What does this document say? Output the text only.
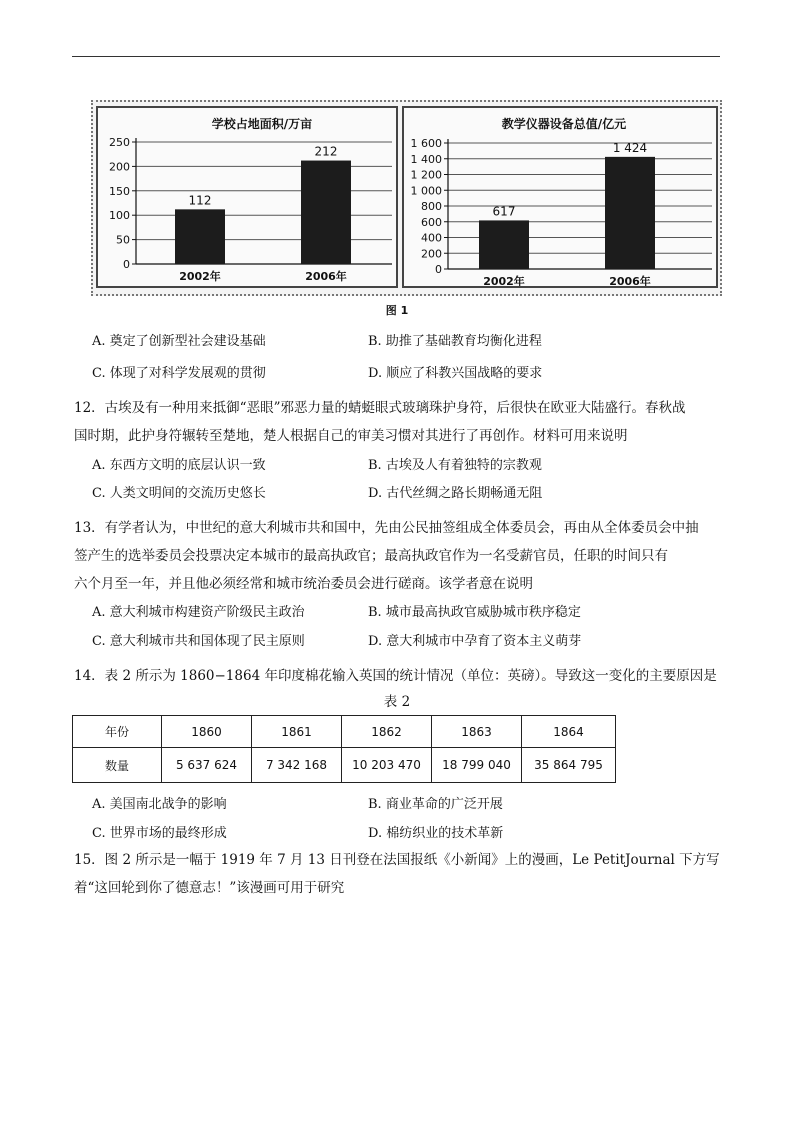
学校占地面积/万亩
0
50
100
150
200
250
112
2002年
212
2006年
教学仪器设备总值/亿元
0
200
400
600
800
1 000
1 200
1 400
1 600
617
2002年
1 424
2006年
图 1
A. 奠定了创新型社会建设基础	B. 助推了基础教育均衡化进程
C. 体现了对科学发展观的贯彻	D. 顺应了科教兴国战略的要求
12．古埃及有一种用来抵御“恶眼”邪恶力量的蜻蜓眼式玻璃珠护身符，后很快在欧亚大陆盛行。春秋战
国时期，此护身符辗转至楚地，楚人根据自己的审美习惯对其进行了再创作。材料可用来说明
A. 东西方文明的底层认识一致	B. 古埃及人有着独特的宗教观
C. 人类文明间的交流历史悠长	D. 古代丝绸之路长期畅通无阻
13．有学者认为，中世纪的意大利城市共和国中，先由公民抽签组成全体委员会，再由从全体委员会中抽
签产生的选举委员会投票决定本城市的最高执政官；最高执政官作为一名受薪官员，任职的时间只有
六个月至一年，并且他必须经常和城市统治委员会进行磋商。该学者意在说明
A. 意大利城市构建资产阶级民主政治	B. 城市最高执政官威胁城市秩序稳定
C. 意大利城市共和国体现了民主原则	D. 意大利城市中孕育了资本主义萌芽
14．表 2 所示为 1860−1864 年印度棉花输入英国的统计情况（单位：英磅）。导致这一变化的主要原因是
表 2
年份	1860	1861	1862	1863	1864
数量	5 637 624	7 342 168	10 203 470	18 799 040	35 864 795
A. 美国南北战争的影响	B. 商业革命的广泛开展
C. 世界市场的最终形成	D. 棉纺织业的技术革新
15．图 2 所示是一幅于 1919 年 7 月 13 日刊登在法国报纸《小新闻》上的漫画，Le PetitJournal 下方写
着“这回轮到你了德意志！”该漫画可用于研究
